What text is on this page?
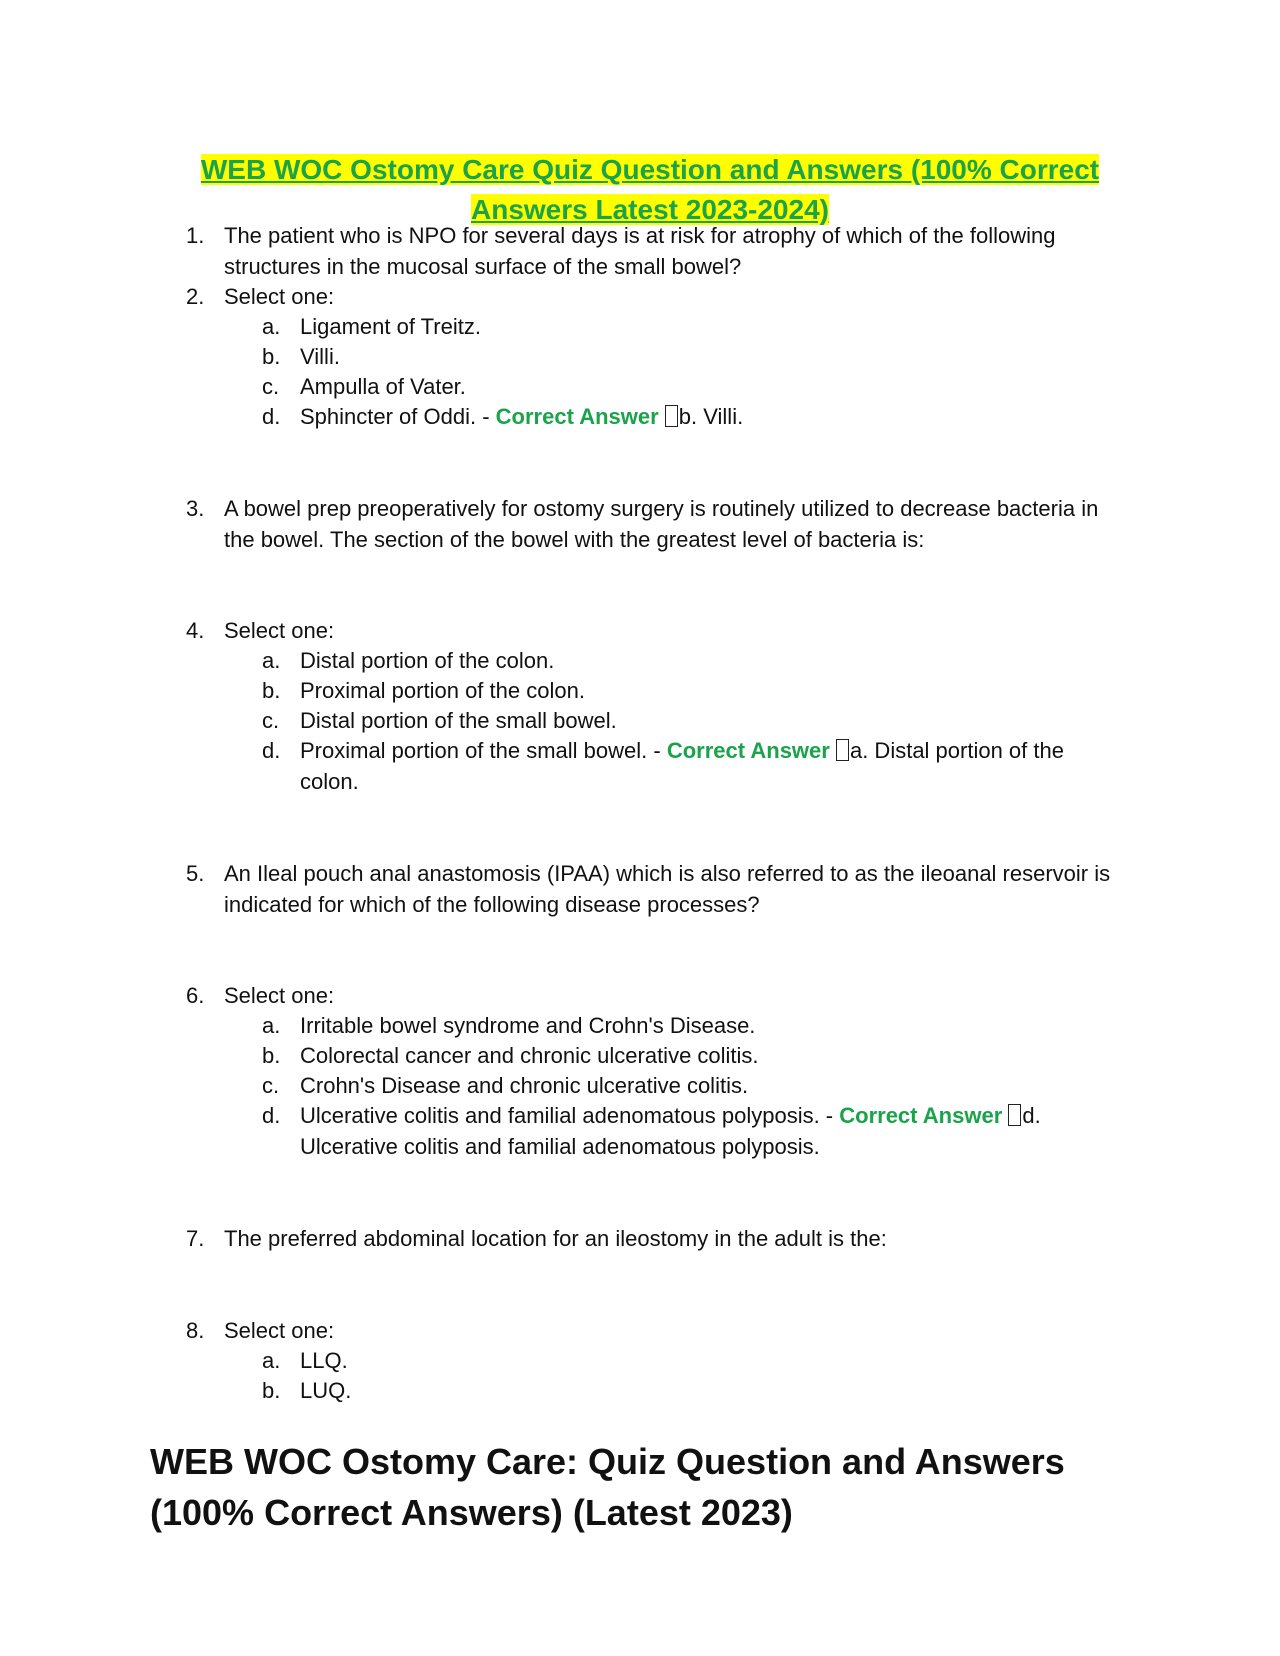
WEB WOC Ostomy Care Quiz Question and Answers (100% Correct Answers Latest 2023-2024)
1. The patient who is NPO for several days is at risk for atrophy of which of the following structures in the mucosal surface of the small bowel?
2. Select one:
a. Ligament of Treitz.
b. Villi.
c. Ampulla of Vater.
d. Sphincter of Oddi. - Correct Answer b. Villi.
3. A bowel prep preoperatively for ostomy surgery is routinely utilized to decrease bacteria in the bowel. The section of the bowel with the greatest level of bacteria is:
4. Select one:
a. Distal portion of the colon.
b. Proximal portion of the colon.
c. Distal portion of the small bowel.
d. Proximal portion of the small bowel. - Correct Answer a. Distal portion of the colon.
5. An Ileal pouch anal anastomosis (IPAA) which is also referred to as the ileoanal reservoir is indicated for which of the following disease processes?
6. Select one:
a. Irritable bowel syndrome and Crohn's Disease.
b. Colorectal cancer and chronic ulcerative colitis.
c. Crohn's Disease and chronic ulcerative colitis.
d. Ulcerative colitis and familial adenomatous polyposis. - Correct Answer d. Ulcerative colitis and familial adenomatous polyposis.
7. The preferred abdominal location for an ileostomy in the adult is the:
8. Select one:
a. LLQ.
b. LUQ.
WEB WOC Ostomy Care: Quiz Question and Answers (100% Correct Answers) (Latest 2023)
